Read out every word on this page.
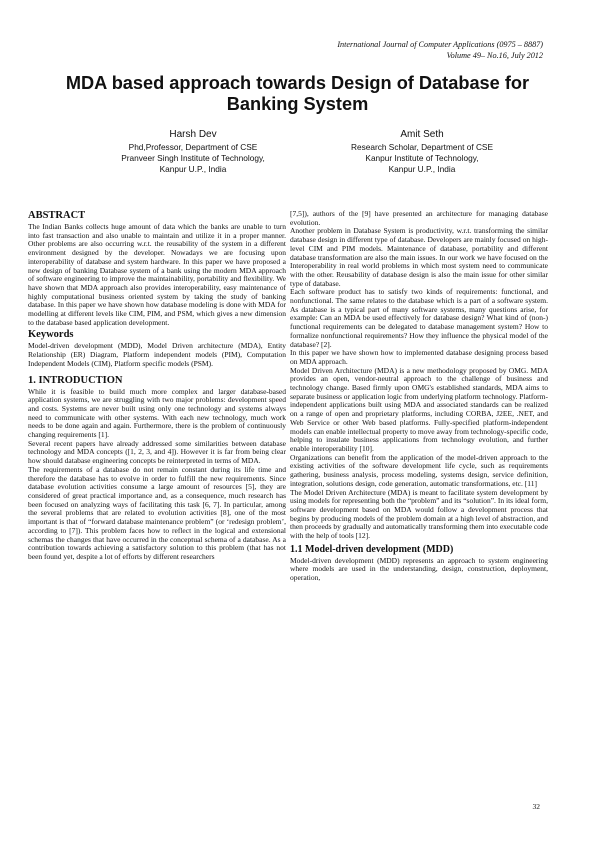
International Journal of Computer Applications (0975 – 8887)
Volume 49– No.16, July 2012
MDA based approach towards Design of Database for Banking System
Harsh Dev
Phd,Professor, Department of CSE
Pranveer Singh Institute of Technology,
Kanpur U.P., India
Amit Seth
Research Scholar, Department of CSE
Kanpur Institute of Technology,
Kanpur U.P., India
ABSTRACT

The Indian Banks collects huge amount of data which the banks are unable to turn into fast transaction and also unable to maintain and utilize it in a proper manner. Other problems are also occurring w.r.t. the reusability of the system in a different environment designed by the developer. Nowadays we are focusing upon interoperability of database and system hardware. In this paper we have proposed a new design of banking Database system of a bank using the modern MDA approach of software engineering to improve the maintainability, portability and flexibility. We have shown that MDA approach also provides interoperability, easy maintenance of highly computational business oriented system by taking the study of banking database. In this paper we have shown how database modeling is done with MDA for modelling at different levels like CIM, PIM, and PSM, which gives a new dimension to the database based application development.

Keywords

Model-driven development (MDD), Model Driven architecture (MDA), Entity Relationship (ER) Diagram, Platform independent models (PIM), Computation Independent Models (CIM), Platform specific models (PSM).

1. INTRODUCTION

While it is feasible to build much more complex and larger database-based application systems, we are struggling with two major problems: development speed and costs. Systems are never built using only one technology and systems always need to communicate with other systems. With each new technology, much work needs to be done again and again. Furthermore, there is the problem of continuously changing requirements [1].

Several recent papers have already addressed some similarities between database technology and MDA concepts ([1, 2, 3, and 4]). However it is far from being clear how should database engineering concepts be reinterpreted in terms of MDA.

The requirements of a database do not remain constant during its life time and therefore the database has to evolve in order to fulfill the new requirements. Since database evolution activities consume a large amount of resources [5], they are considered of great practical importance and, as a consequence, much research has been focused on analyzing ways of facilitating this task [6, 7]. In particular, among the several problems that are related to evolution activities [8], one of the most important is that of “forward database maintenance problem” (or ‘redesign problem’, according to [7]). This problem faces how to reflect in the logical and extensional schemas the changes that have occurred in the conceptual schema of a database. As a contribution towards achieving a satisfactory solution to this problem (that has not been found yet, despite a lot of efforts by different researchers

[7,5]), authors of the [9] have presented an architecture for managing database evolution.

Another problem in Database System is productivity, w.r.t. transforming the similar database design in different type of database. Developers are mainly focused on high-level CIM and PIM models. Maintenance of database, portability and different database transformation are also the main issues. In our work we have focused on the Interoperability in real world problems in which most system need to communicate with the other. Reusability of database design is also the main issue for other similar type of database.

Each software product has to satisfy two kinds of requirements: functional, and nonfunctional. The same relates to the database which is a part of a software system. As database is a typical part of many software systems, many questions arise, for example: Can an MDA be used effectively for database design? What kind of (non-) functional requirements can be delegated to database management system? How to formalize nonfunctional requirements? How they influence the physical model of the database? [2].

In this paper we have shown how to implemented database designing process based on MDA approach.

Model Driven Architecture (MDA) is a new methodology proposed by OMG. MDA provides an open, vendor-neutral approach to the challenge of business and technology change. Based firmly upon OMG's established standards, MDA aims to separate business or application logic from underlying platform technology. Platform-independent applications built using MDA and associated standards can be realized on a range of open and proprietary platforms, including CORBA, J2EE, .NET, and Web Service or other Web based platforms. Fully-specified platform-independent models can enable intellectual property to move away from technology-specific code, helping to insulate business applications from technology evolution, and further enable interoperability [10].

Organizations can benefit from the application of the model-driven approach to the existing activities of the software development life cycle, such as requirements gathering, business analysis, process modeling, systems design, service definition, integration, solutions design, code generation, automatic transformations, etc. [11]

The Model Driven Architecture (MDA) is meant to facilitate system development by using models for representing both the “problem” and its “solution”. In its ideal form, software development based on MDA would follow a development process that begins by producing models of the problem domain at a high level of abstraction, and then proceeds by gradually and automatically transforming them into executable code with the help of tools [12].

1.1 Model-driven development (MDD)

Model-driven development (MDD) represents an approach to system engineering where models are used in the understanding, design, construction, deployment, operation,

32
